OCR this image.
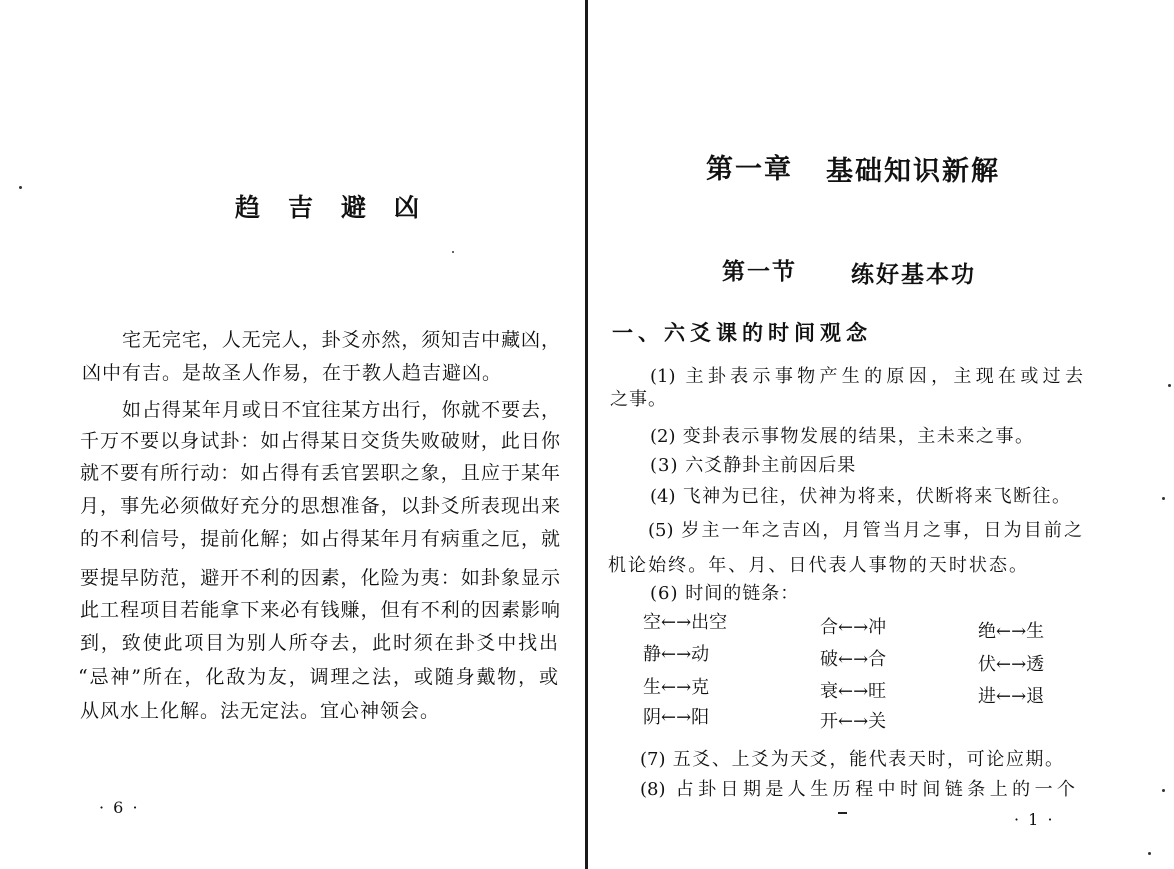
趋吉避凶
宅无完宅，人无完人，卦爻亦然，须知吉中藏凶，
凶中有吉。是故圣人作易，在于教人趋吉避凶。
如占得某年月或日不宜往某方出行，你就不要去，
千万不要以身试卦：如占得某日交货失败破财，此日你
就不要有所行动：如占得有丢官罢职之象，且应于某年
月，事先必须做好充分的思想准备，以卦爻所表现出来
的不利信号，提前化解；如占得某年月有病重之厄，就
要提早防范，避开不利的因素，化险为夷：如卦象显示
此工程项目若能拿下来必有钱赚，但有不利的因素影响
到，致使此项目为别人所夺去，此时须在卦爻中找出
“忌神”所在，化敌为友，调理之法，或随身戴物，或
从风水上化解。法无定法。宜心神领会。
· 6 ·
第一章 基础知识新解
第一节 练好基本功
一、六爻课的时间观念
(1) 主卦表示事物产生的原因，主现在或过去
之事。
(2) 变卦表示事物发展的结果，主未来之事。
(3) 六爻静卦主前因后果
(4) 飞神为已往，伏神为将来，伏断将来飞断往。
(5) 岁主一年之吉凶，月管当月之事，日为目前之
机论始终。年、月、日代表人事物的天时状态。
(6) 时间的链条：
空←→出空
静←→动
生←→克
阴←→阳
合←→冲
破←→合
衰←→旺
开←→关
绝←→生
伏←→透
进←→退
(7) 五爻、上爻为天爻，能代表天时，可论应期。
(8) 占卦日期是人生历程中时间链条上的一个
· 1 ·
